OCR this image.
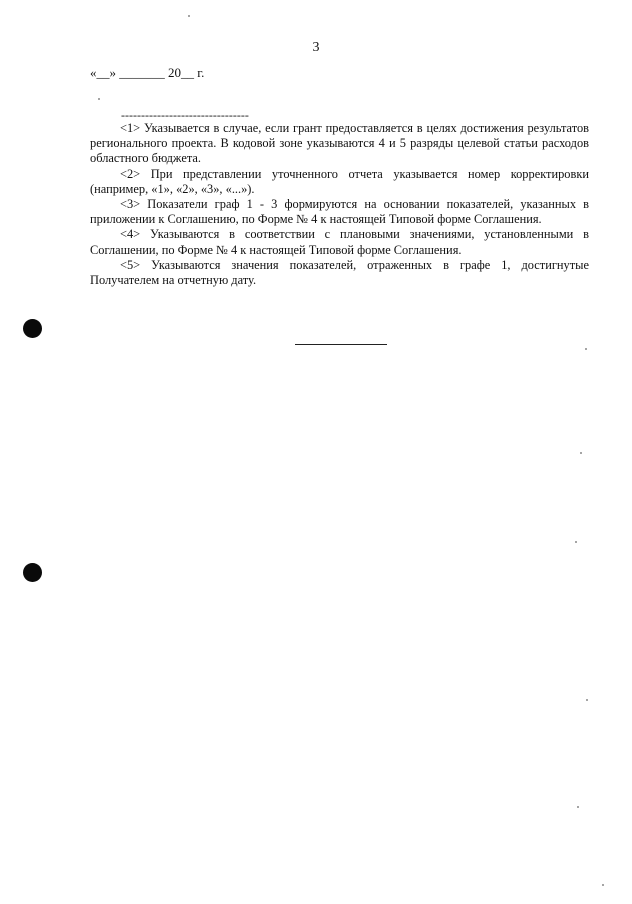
3
«__» _______ 20__ г.
--------------------------------

<1> Указывается в случае, если грант предоставляется в целях достижения результатов регионального проекта. В кодовой зоне указываются 4 и 5 разряды целевой статьи расходов областного бюджета.

<2> При представлении уточненного отчета указывается номер корректировки (например, «1», «2», «3», «...»).

<3> Показатели граф 1 - 3 формируются на основании показателей, указанных в приложении к Соглашению, по Форме № 4 к настоящей Типовой форме Соглашения.

<4> Указываются в соответствии с плановыми значениями, установленными в Соглашении, по Форме № 4 к настоящей Типовой форме Соглашения.

<5> Указываются значения показателей, отраженных в графе 1, достигнутые Получателем на отчетную дату.
